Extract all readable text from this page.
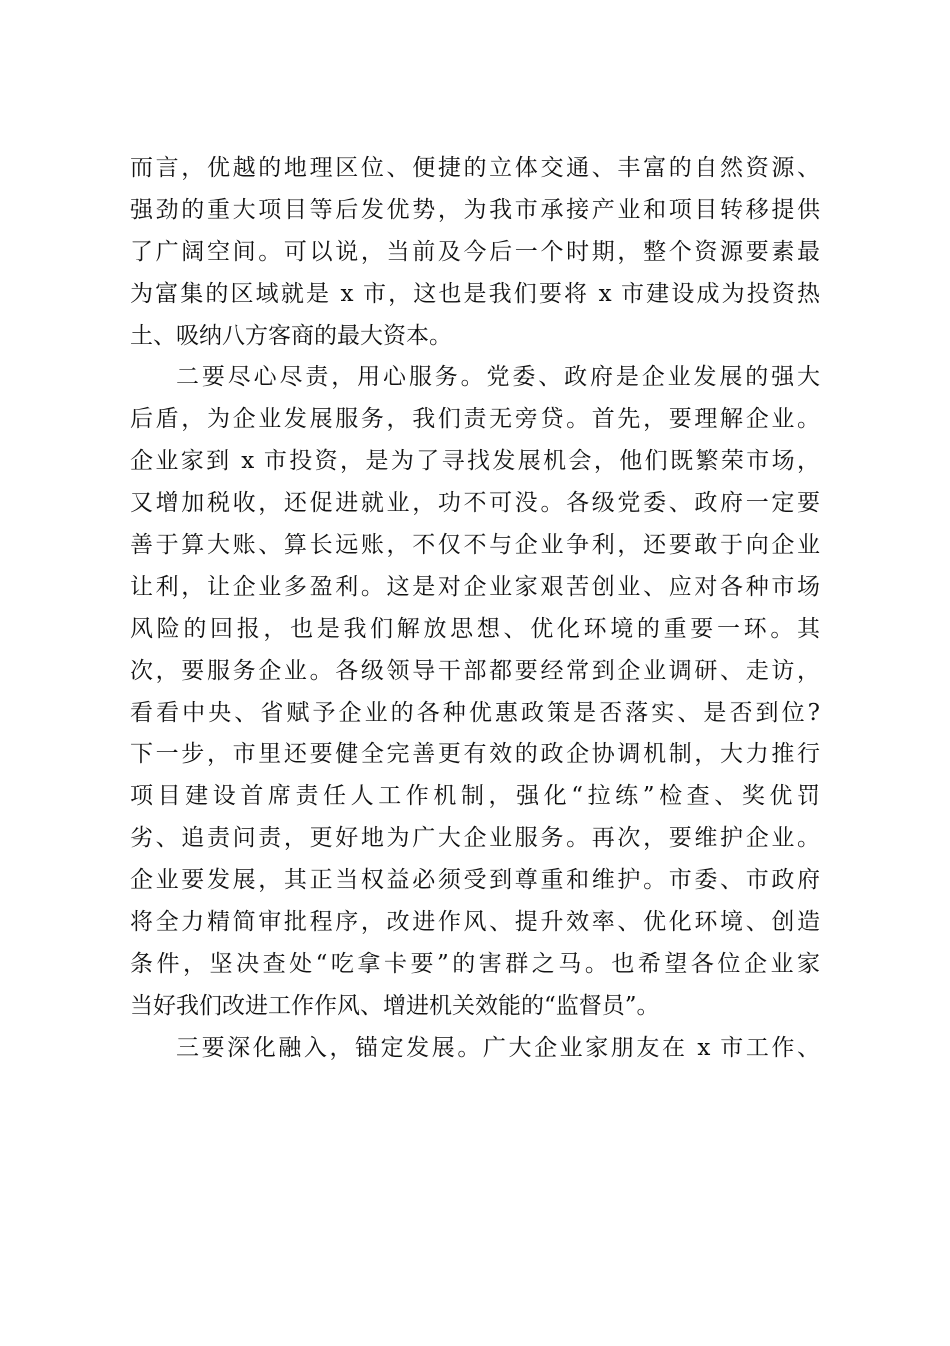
而言，优越的地理区位、便捷的立体交通、丰富的自然资源、
强劲的重大项目等后发优势，为我市承接产业和项目转移提供
了广阔空间。可以说，当前及今后一个时期，整个资源要素最
为富集的区域就是 x 市，这也是我们要将 x 市建设成为投资热
土、吸纳八方客商的最大资本。
二要尽心尽责，用心服务。党委、政府是企业发展的强大
后盾，为企业发展服务，我们责无旁贷。首先，要理解企业。
企业家到 x 市投资，是为了寻找发展机会，他们既繁荣市场，
又增加税收，还促进就业，功不可没。各级党委、政府一定要
善于算大账、算长远账，不仅不与企业争利，还要敢于向企业
让利，让企业多盈利。这是对企业家艰苦创业、应对各种市场
风险的回报，也是我们解放思想、优化环境的重要一环。其
次，要服务企业。各级领导干部都要经常到企业调研、走访，
看看中央、省赋予企业的各种优惠政策是否落实、是否到位?
下一步，市里还要健全完善更有效的政企协调机制，大力推行
项目建设首席责任人工作机制，强化“拉练”检查、奖优罚
劣、追责问责，更好地为广大企业服务。再次，要维护企业。
企业要发展，其正当权益必须受到尊重和维护。市委、市政府
将全力精简审批程序，改进作风、提升效率、优化环境、创造
条件，坚决查处“吃拿卡要”的害群之马。也希望各位企业家
当好我们改进工作作风、增进机关效能的“监督员”。
三要深化融入，锚定发展。广大企业家朋友在 x 市工作、
